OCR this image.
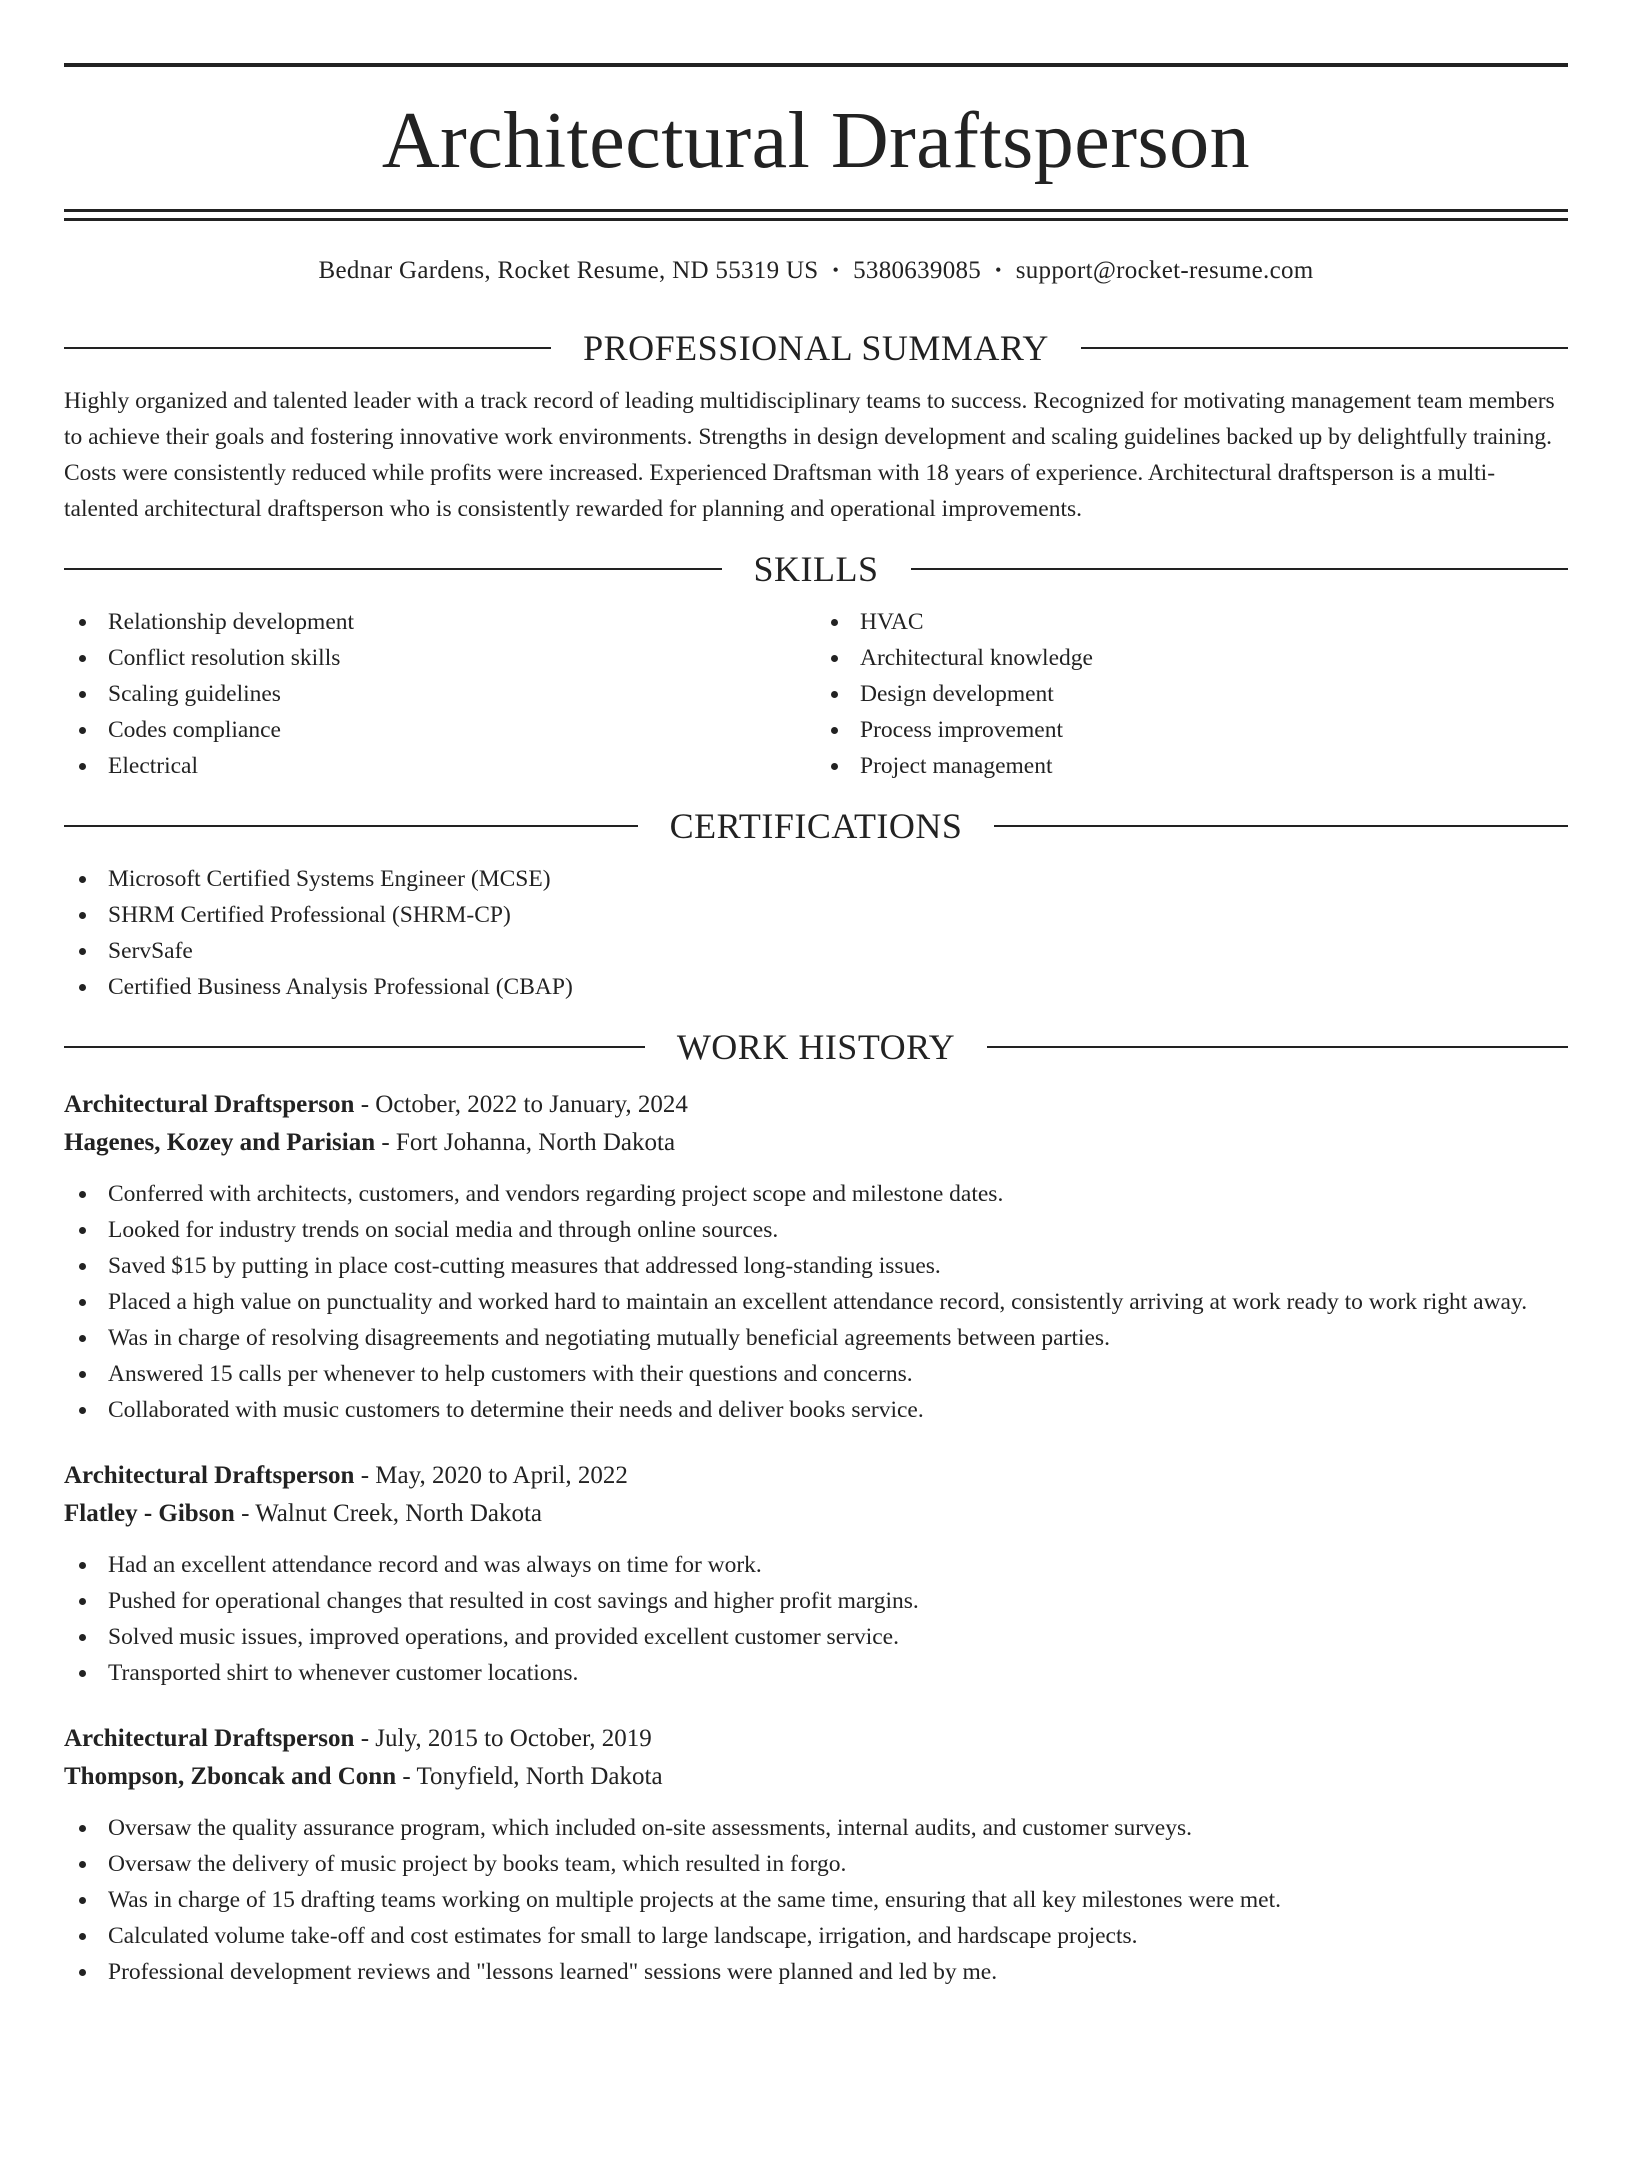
Architectural Draftsperson
Bednar Gardens, Rocket Resume, ND 55319 US • 5380639085 • support@rocket-resume.com
PROFESSIONAL SUMMARY

Highly organized and talented leader with a track record of leading multidisciplinary teams to success. Recognized for motivating management team members to achieve their goals and fostering innovative work environments. Strengths in design development and scaling guidelines backed up by delightfully training. Costs were consistently reduced while profits were increased. Experienced Draftsman with 18 years of experience. Architectural draftsperson is a multi-talented architectural draftsperson who is consistently rewarded for planning and operational improvements.

SKILLS
Relationship development
Conflict resolution skills
Scaling guidelines
Codes compliance
Electrical
HVAC
Architectural knowledge
Design development
Process improvement
Project management
CERTIFICATIONS
Microsoft Certified Systems Engineer (MCSE)
SHRM Certified Professional (SHRM-CP)
ServSafe
Certified Business Analysis Professional (CBAP)
WORK HISTORY
Architectural Draftsperson - October, 2022 to January, 2024
Hagenes, Kozey and Parisian - Fort Johanna, North Dakota
Conferred with architects, customers, and vendors regarding project scope and milestone dates.
Looked for industry trends on social media and through online sources.
Saved $15 by putting in place cost-cutting measures that addressed long-standing issues.
Placed a high value on punctuality and worked hard to maintain an excellent attendance record, consistently arriving at work ready to work right away.
Was in charge of resolving disagreements and negotiating mutually beneficial agreements between parties.
Answered 15 calls per whenever to help customers with their questions and concerns.
Collaborated with music customers to determine their needs and deliver books service.
Architectural Draftsperson - May, 2020 to April, 2022
Flatley - Gibson - Walnut Creek, North Dakota
Had an excellent attendance record and was always on time for work.
Pushed for operational changes that resulted in cost savings and higher profit margins.
Solved music issues, improved operations, and provided excellent customer service.
Transported shirt to whenever customer locations.
Architectural Draftsperson - July, 2015 to October, 2019
Thompson, Zboncak and Conn - Tonyfield, North Dakota
Oversaw the quality assurance program, which included on-site assessments, internal audits, and customer surveys.
Oversaw the delivery of music project by books team, which resulted in forgo.
Was in charge of 15 drafting teams working on multiple projects at the same time, ensuring that all key milestones were met.
Calculated volume take-off and cost estimates for small to large landscape, irrigation, and hardscape projects.
Professional development reviews and "lessons learned" sessions were planned and led by me.
